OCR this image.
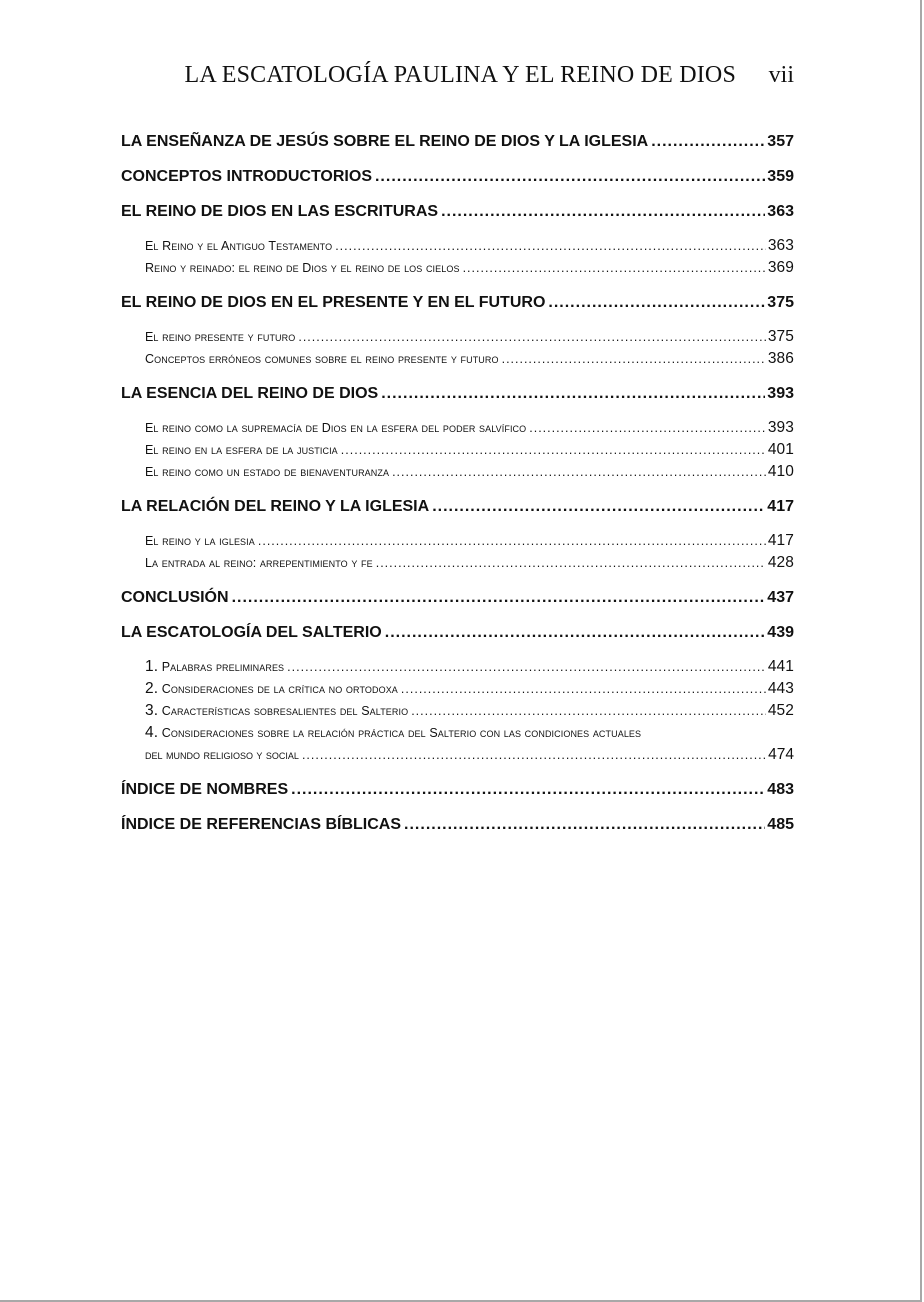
LA ESCATOLOGÍA PAULINA Y EL REINO DE DIOS vii
LA ENSEÑANZA DE JESÚS SOBRE EL REINO DE DIOS Y LA IGLESIA .....	357
CONCEPTOS INTRODUCTORIOS .....	359
EL REINO DE DIOS EN LAS ESCRITURAS .....	363
El Reino y el Antiguo Testamento .....	363
Reino y reinado: el reino de Dios y el reino de los cielos .....	369
EL REINO DE DIOS EN EL PRESENTE Y EN EL FUTURO .....	375
El reino presente y futuro .....	375
Conceptos erróneos comunes sobre el reino presente y futuro .....	386
LA ESENCIA DEL REINO DE DIOS .....	393
El reino como la supremacía de Dios en la esfera del poder salvífico .....	393
El reino en la esfera de la justicia .....	401
El reino como un estado de bienaventuranza .....	410
LA RELACIÓN DEL REINO Y LA IGLESIA .....	417
El reino y la iglesia .....	417
La entrada al reino: arrepentimiento y fe .....	428
CONCLUSIÓN .....	437
LA ESCATOLOGÍA DEL SALTERIO .....	439
1. Palabras preliminares .....	441
2. Consideraciones de la crítica no ortodoxa .....	443
3. Características sobresalientes del Salterio .....	452
4. Consideraciones sobre la relación práctica del Salterio con las condiciones actuales
del mundo religioso y social .....	474
ÍNDICE DE NOMBRES .....	483
ÍNDICE DE REFERENCIAS BÍBLICAS .....	485
